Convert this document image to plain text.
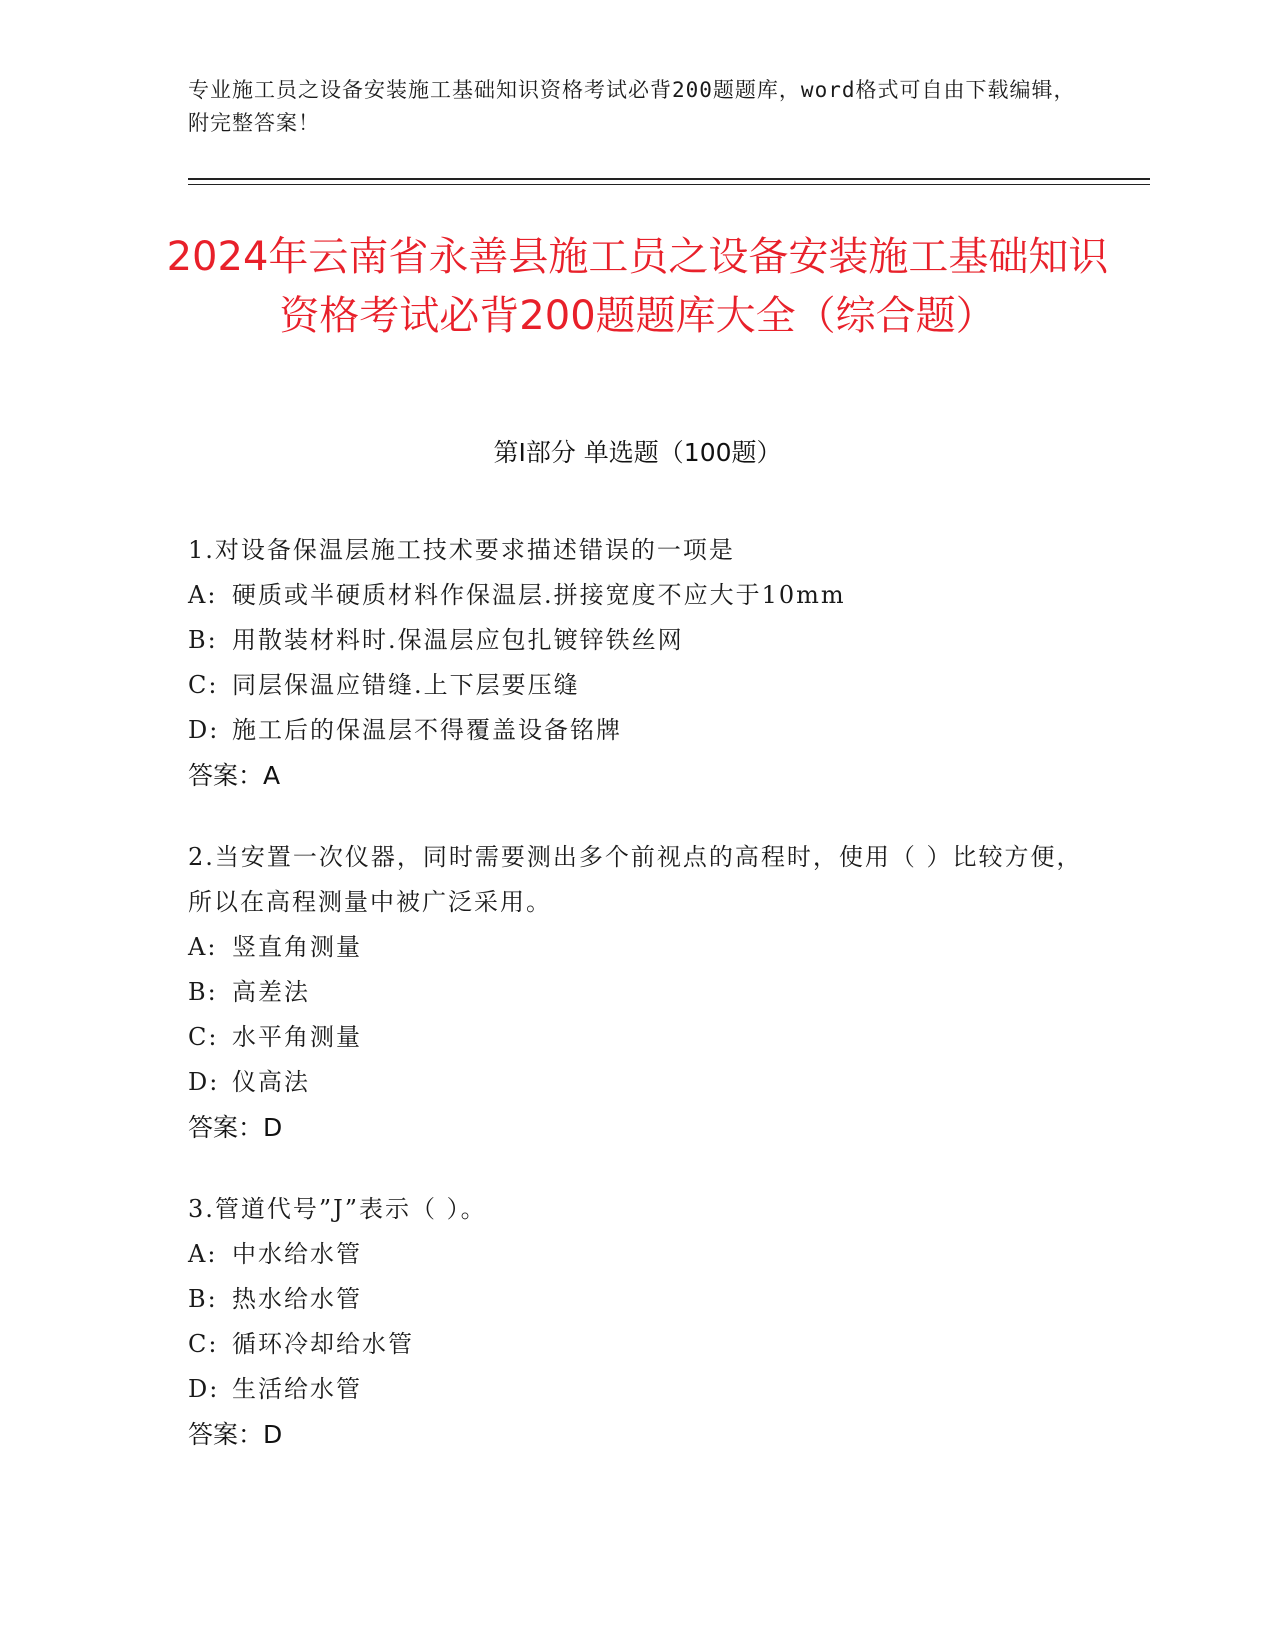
专业施工员之设备安装施工基础知识资格考试必背200题题库，word格式可自由下载编辑，附完整答案！
2024年云南省永善县施工员之设备安装施工基础知识资格考试必背200题题库大全（综合题）
第I部分 单选题（100题）
1.对设备保温层施工技术要求描述错误的一项是
A: 硬质或半硬质材料作保温层.拼接宽度不应大于10mm
B: 用散装材料时.保温层应包扎镀锌铁丝网
C: 同层保温应错缝.上下层要压缝
D: 施工后的保温层不得覆盖设备铭牌
答案：A
2.当安置一次仪器，同时需要测出多个前视点的高程时，使用（ ）比较方便，所以在高程测量中被广泛采用。
A: 竖直角测量
B: 高差法
C: 水平角测量
D: 仪高法
答案：D
3.管道代号”J”表示（ ）。
A: 中水给水管
B: 热水给水管
C: 循环冷却给水管
D: 生活给水管
答案：D
